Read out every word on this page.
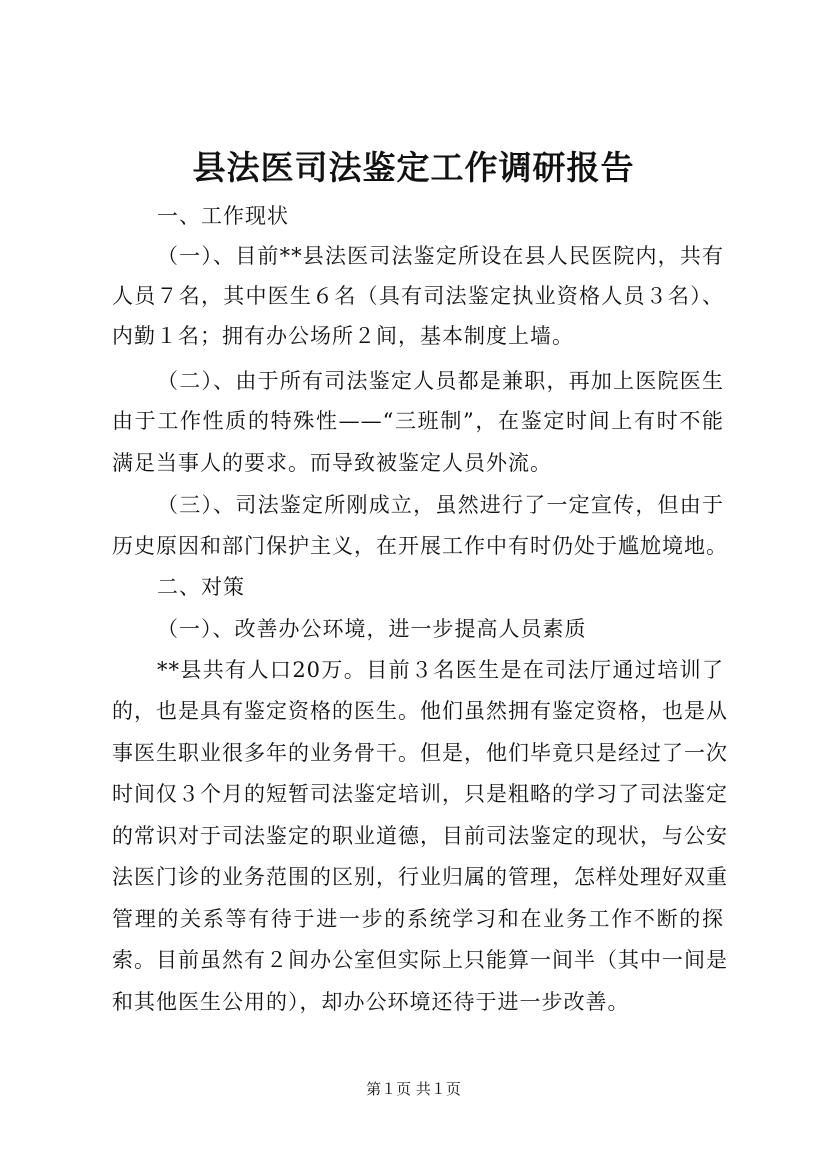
县法医司法鉴定工作调研报告
一、工作现状
（一）、目前**县法医司法鉴定所设在县人民医院内，共有
人员７名，其中医生６名（具有司法鉴定执业资格人员３名）、
内勤１名；拥有办公场所２间，基本制度上墙。
（二）、由于所有司法鉴定人员都是兼职，再加上医院医生
由于工作性质的特殊性——“三班制”，在鉴定时间上有时不能
满足当事人的要求。而导致被鉴定人员外流。
（三）、司法鉴定所刚成立，虽然进行了一定宣传，但由于
历史原因和部门保护主义，在开展工作中有时仍处于尴尬境地。
二、对策
（一）、改善办公环境，进一步提高人员素质
**县共有人口20万。目前３名医生是在司法厅通过培训了
的，也是具有鉴定资格的医生。他们虽然拥有鉴定资格，也是从
事医生职业很多年的业务骨干。但是，他们毕竟只是经过了一次
时间仅３个月的短暂司法鉴定培训，只是粗略的学习了司法鉴定
的常识对于司法鉴定的职业道德，目前司法鉴定的现状，与公安
法医门诊的业务范围的区别，行业归属的管理，怎样处理好双重
管理的关系等有待于进一步的系统学习和在业务工作不断的探
索。目前虽然有２间办公室但实际上只能算一间半（其中一间是
和其他医生公用的），却办公环境还待于进一步改善。
第１页 共１页
